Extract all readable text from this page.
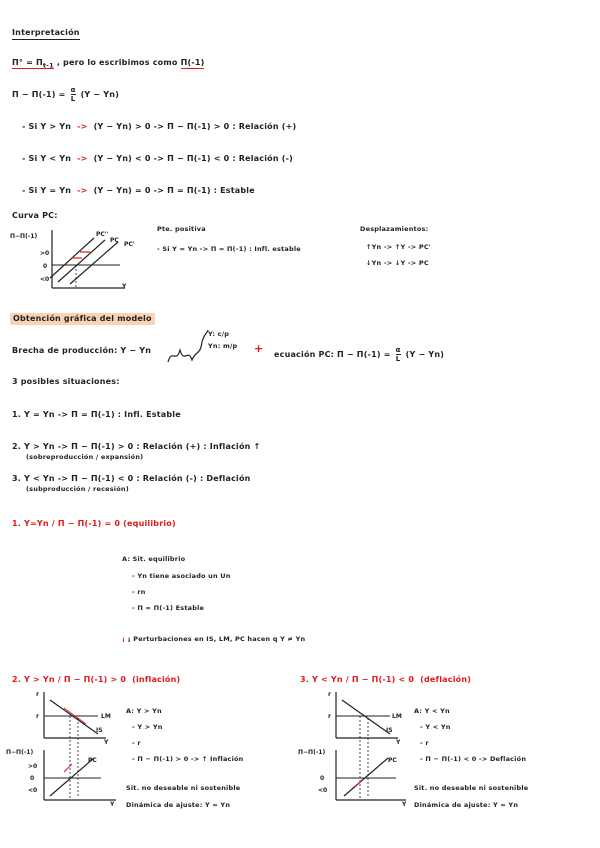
Interpretación
$\Pi^\circ = \Pi_{t-1}$ , pero lo escribimos como Π(-1)
$\Pi - \Pi(-1) = \frac{\alpha}{L} (Y - Yn)$
- Si Y > Yn -> (Y − Yn) > 0 -> Π − Π(-1) > 0 : Relación (+)
- Si Y < Yn -> (Y − Yn) < 0 -> Π − Π(-1) < 0 : Relación (-)
- Si Y = Yn -> (Y − Yn) = 0 -> Π = Π(-1) : Estable
Curva PC:
Π−Π(-1)
>0
0
<0
Y
PC''
PC
PC'
Pte. positiva
- Si Y = Yn -> Π = Π(-1) : Infl. estable
Desplazamientos:
↑Yn -> ↑Y -> PC'
↓Yn -> ↓Y -> PC
Obtención gráfica del modelo
Brecha de producción: Y − Yn
Y: c/p
Yn: m/p + ecuación PC: $\Pi - \Pi(-1) = \frac{\alpha}{L} (Y - Yn)$
3 posibles situaciones:
1. Y = Yn -> Π = Π(-1) : Infl. Estable
2. Y > Yn -> Π − Π(-1) > 0 : Relación (+) : Inflación ↑
(sobreproducción / expansión)
3. Y < Yn -> Π − Π(-1) < 0 : Relación (-) : Deflación
(subproducción / recesión)
1. Y=Yn / Π − Π(-1) = 0 (equilibrio)
A: Sit. equilibrio
- Yn tiene asociado un Un
- rn
- Π = Π(-1) Estable
¡ ¡ Perturbaciones en IS, LM, PC hacen q Y ≠ Yn
2. Y > Yn / Π − Π(-1) > 0 (inflación)
r
r	LM
IS
Y
Π−Π(-1)
>0
0
<0
PC
Y
A: Y > Yn
- Y > Yn
- r
- Π − Π(-1) > 0 -> ↑ Inflación
Sit. no deseable ni sostenible
Dinámica de ajuste: Y = Yn
3. Y < Yn / Π − Π(-1) < 0 (deflación)
r
r	LM
IS
Y
Π−Π(-1)
0
<0
PC
Y
A: Y < Yn
- Y < Yn
- r
- Π − Π(-1) < 0 -> Deflación
Sit. no deseable ni sostenible
Dinámica de ajuste: Y = Yn
